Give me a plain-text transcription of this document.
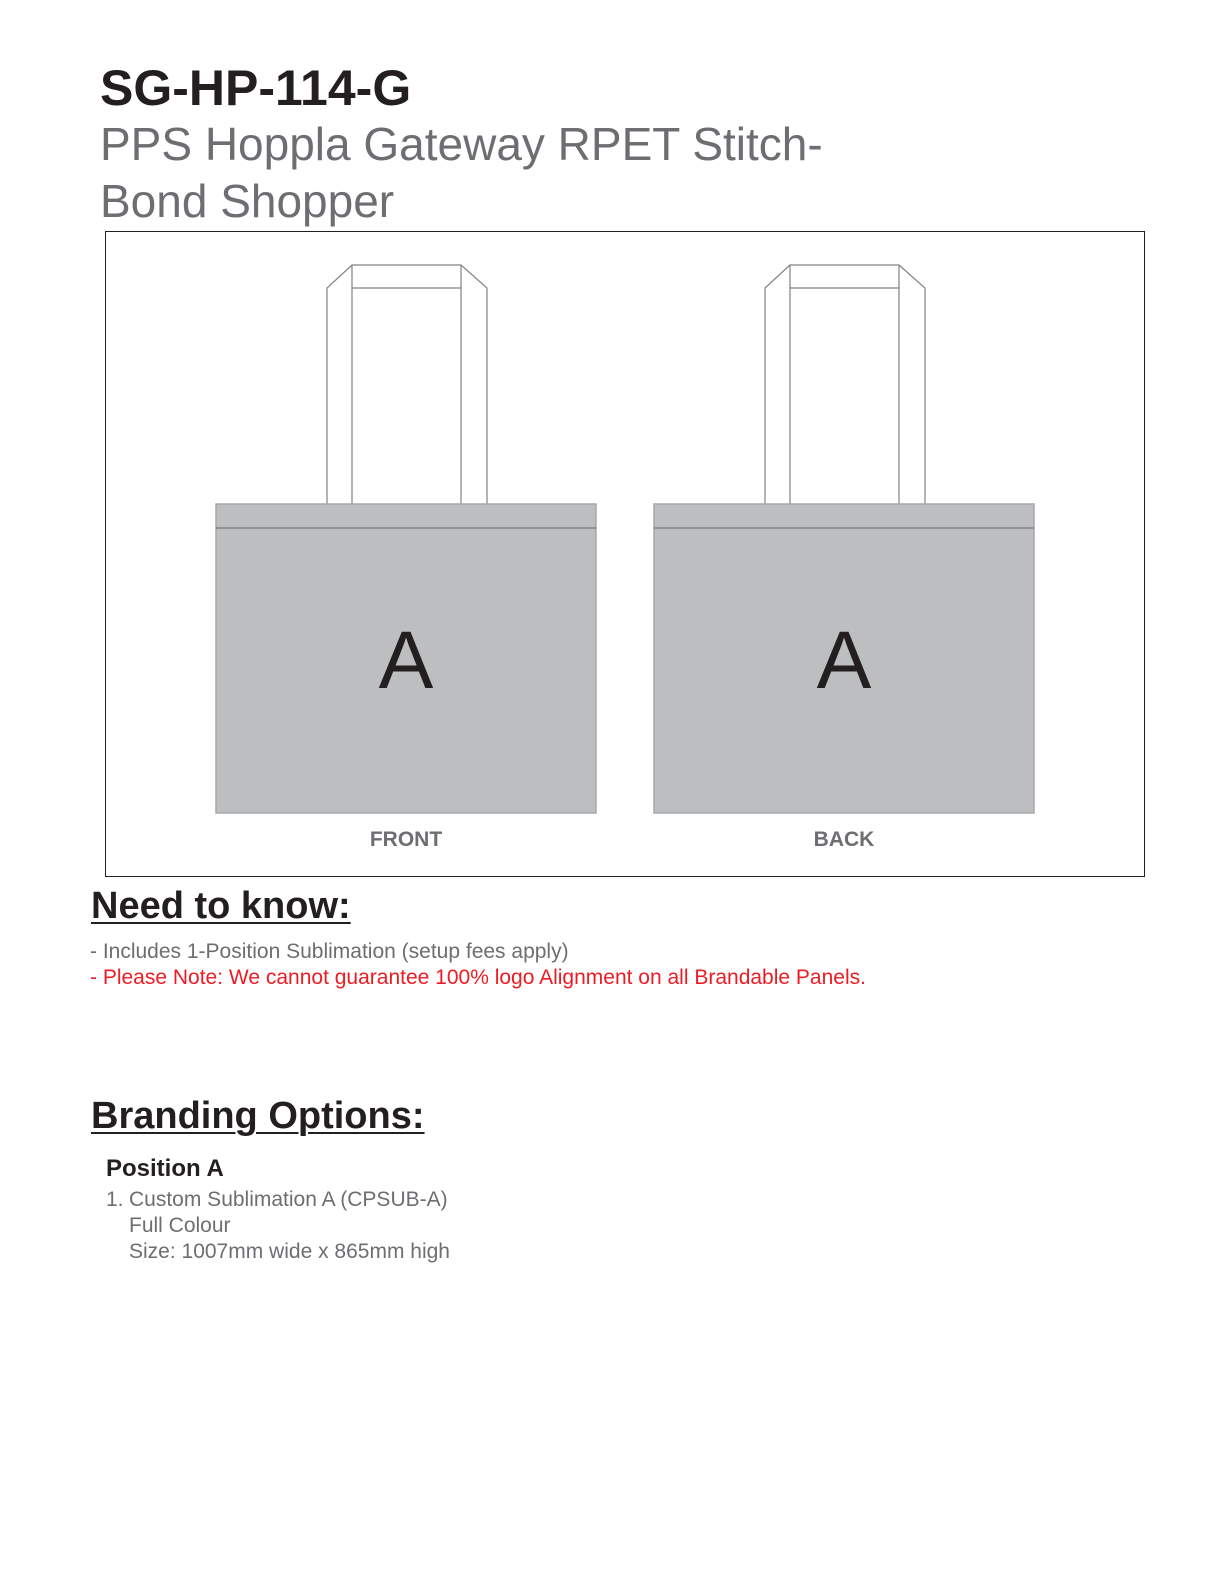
SG-HP-114-G
PPS Hoppla Gateway RPET Stitch-Bond Shopper
A
FRONT
A
BACK
Need to know:

- Includes 1-Position Sublimation (setup fees apply)

- Please Note: We cannot guarantee 100% logo Alignment on all Brandable Panels.

Branding Options:

Position A

1. Custom Sublimation A (CPSUB-A)
Full Colour
Size: 1007mm wide x 865mm high
